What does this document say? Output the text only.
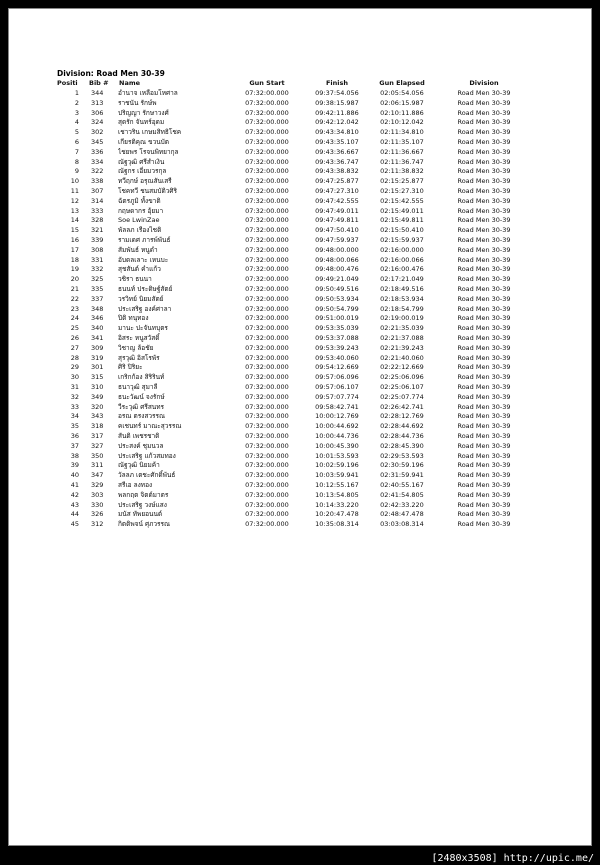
Division: Road Men 30-39
Positi Bib # Name	Gun Start	Finish	Gun Elapsed	Division
1 344	อำนาจ เหลือมโหศาล	07:32:00.000	09:37:54.056	02:05:54.056	Road Men 30-39
2 313	ราชนัน รักษ์พ	07:32:00.000	09:38:15.987	02:06:15.987	Road Men 30-39
3 306	ปริญญา รักษาวงศ์	07:32:00.000	09:42:11.886	02:10:11.886	Road Men 30-39
4 324	สุดรัก จันทร์อุดม	07:32:00.000	09:42:12.042	02:10:12.042	Road Men 30-39
5 302	เชาวริน เกษมสิทธิโชค	07:32:00.000	09:43:34.810	02:11:34.810	Road Men 30-39
6 345	เกียรติคุณ ขวนบัต	07:32:00.000	09:43:35.107	02:11:35.107	Road Men 30-39
7 336	ไชยพร โรจนพิทยากุล	07:32:00.000	09:43:36.667	02:11:36.667	Road Men 30-39
8 334	ณัฐวุฒิ ศรีสำเงิน	07:32:00.000	09:43:36.747	02:11:36.747	Road Men 30-39
9 322	ณัฐกร เอี่ยมวรกุล	07:32:00.000	09:43:38.832	02:11:38.832	Road Men 30-39
10 338	ทวีฤกษ์ อรุณสันเสรี	07:32:00.000	09:47:25.877	02:15:25.877	Road Men 30-39
11 307	โชคทวี ชนสมบัติวศิริ	07:32:00.000	09:47:27.310	02:15:27.310	Road Men 30-39
12 314	ฉัตรภูมิ ทั้งขาติ	07:32:00.000	09:47:42.555	02:15:42.555	Road Men 30-39
13 333	กฤษดากร อุ้ยมา	07:32:00.000	09:47:49.011	02:15:49.011	Road Men 30-39
14 328	Soe LwinZae	07:32:00.000	09:47:49.811	02:15:49.811	Road Men 30-39
15 321	พัลลภ เรืองไชติ	07:32:00.000	09:47:50.410	02:15:50.410	Road Men 30-39
16 339	รามเดศ ภารพ์พันธ์	07:32:00.000	09:47:59.937	02:15:59.937	Road Men 30-39
17 308	สัมพันธ์ หนูดำ	07:32:00.000	09:48:00.000	02:16:00.000	Road Men 30-39
18 331	อับดลเลาะ เหนบะ	07:32:00.000	09:48:00.066	02:16:00.066	Road Men 30-39
19 332	สุชสันต์ คำแก้ว	07:32:00.000	09:48:00.476	02:16:00.476	Road Men 30-39
20 325	วชิรา ธนนา	07:32:00.000	09:49:21.049	02:17:21.049	Road Men 30-39
21 335	ธนนท์ ประดิษฐ์สัตย์	07:32:00.000	09:50:49.516	02:18:49.516	Road Men 30-39
22 337	วรวิทย์ นิยมสัตย์	07:32:00.000	09:50:53.934	02:18:53.934	Road Men 30-39
23 348	ประเสริฐ องค์ศาลา	07:32:00.000	09:50:54.799	02:18:54.799	Road Men 30-39
24 346	ปิติ ทนุทอง	07:32:00.000	09:51:00.019	02:19:00.019	Road Men 30-39
25 340	มานะ ปะจันทบุตร	07:32:00.000	09:53:35.039	02:21:35.039	Road Men 30-39
26 341	อิสระ หนูสวัสดิ์	07:32:00.000	09:53:37.088	02:21:37.088	Road Men 30-39
27 309	วิชาญ ล้อชัย	07:32:00.000	09:53:39.243	02:21:39.243	Road Men 30-39
28 319	สุรวุฒิ อิสโรพัร	07:32:00.000	09:53:40.060	02:21:40.060	Road Men 30-39
29 301	ศิริ ปิริยะ	07:32:00.000	09:54:12.669	02:22:12.669	Road Men 30-39
30 315	เกริกก้อง สิริรินท์	07:32:00.000	09:57:06.096	02:25:06.096	Road Men 30-39
31 310	ธนาวุฒิ สุมาลี	07:32:00.000	09:57:06.107	02:25:06.107	Road Men 30-39
32 349	ธนะวัฒน์ จงรักษ์	07:32:00.000	09:57:07.774	02:25:07.774	Road Men 30-39
33 320	วีระวุฒิ ศรีสนทร	07:32:00.000	09:58:42.741	02:26:42.741	Road Men 30-39
34 343	อรณ ตรงสวรรณ	07:32:00.000	10:00:12.769	02:28:12.769	Road Men 30-39
35 318	คเชนทร์ มาณะสุวรรณ	07:32:00.000	10:00:44.692	02:28:44.692	Road Men 30-39
36 317	สันติ เพชรชาติ	07:32:00.000	10:00:44.736	02:28:44.736	Road Men 30-39
37 327	ประสงค์ ชุมนวล	07:32:00.000	10:00:45.390	02:28:45.390	Road Men 30-39
38 350	ประเสริฐ แก้วสมทอง	07:32:00.000	10:01:53.593	02:29:53.593	Road Men 30-39
39 311	ณัฐวุฒิ นิยมค้า	07:32:00.000	10:02:59.196	02:30:59.196	Road Men 30-39
40 347	วัลลภ เตชะศักดิ์พันธ์	07:32:00.000	10:03:59.941	02:31:59.941	Road Men 30-39
41 329	สรีเอ ลงทอง	07:32:00.000	10:12:55.167	02:40:55.167	Road Men 30-39
42 303	พลกฤต จิตต์มาตร	07:32:00.000	10:13:54.805	02:41:54.805	Road Men 30-39
43 330	ประเสริฐ วงษ์แสง	07:32:00.000	10:14:33.220	02:42:33.220	Road Men 30-39
44 326	มนัส ทัพยอนนต์	07:32:00.000	10:20:47.478	02:48:47.478	Road Men 30-39
45 312	กิตติพจน์ ศุภวรรณ	07:32:00.000	10:35:08.314	03:03:08.314	Road Men 30-39
[2480x3508] http://upic.me/
